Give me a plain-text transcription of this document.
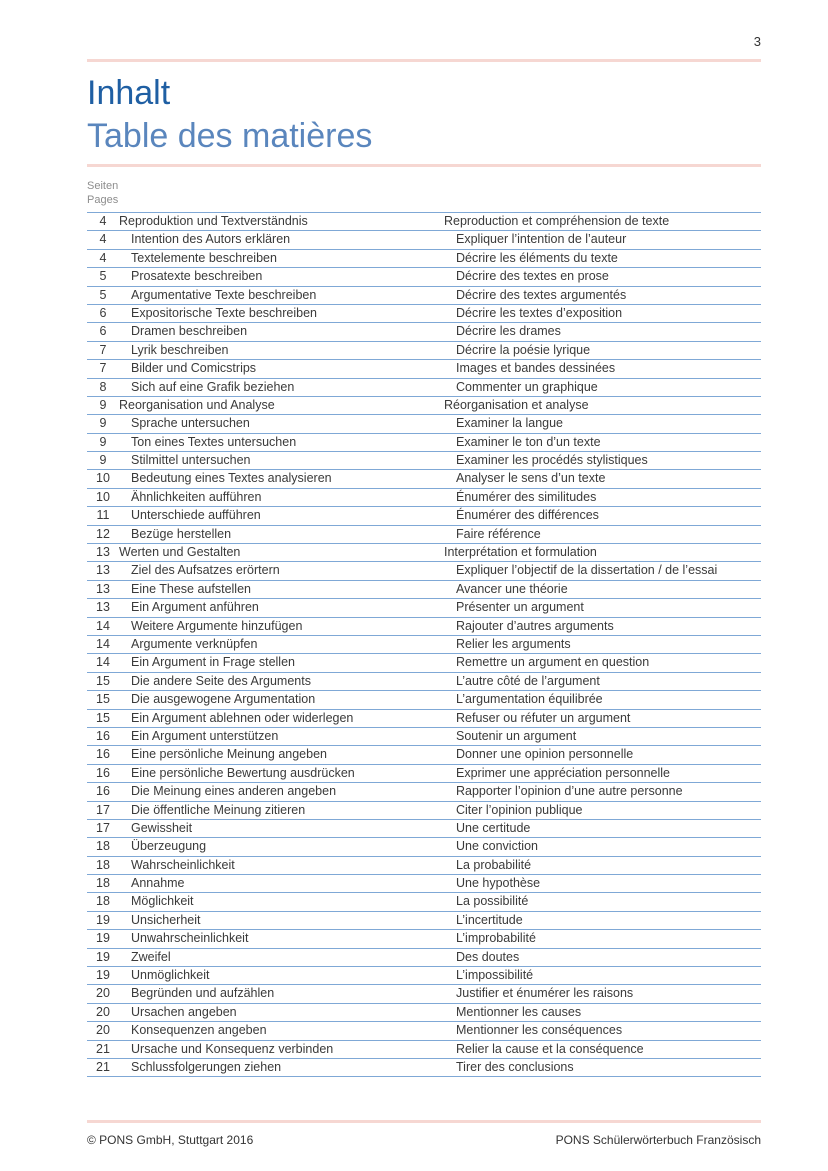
3
Inhalt
Table des matières
Seiten
Pages
4	Reproduktion und Textverständnis	Reproduction et compréhension de texte
4	Intention des Autors erklären	Expliquer l’intention de l’auteur
4	Textelemente beschreiben	Décrire les éléments du texte
5	Prosatexte beschreiben	Décrire des textes en prose
5	Argumentative Texte beschreiben	Décrire des textes argumentés
6	Expositorische Texte beschreiben	Décrire les textes d’exposition
6	Dramen beschreiben	Décrire les drames
7	Lyrik beschreiben	Décrire la poésie lyrique
7	Bilder und Comicstrips	Images et bandes dessinées
8	Sich auf eine Grafik beziehen	Commenter un graphique
9	Reorganisation und Analyse	Réorganisation et analyse
9	Sprache untersuchen	Examiner la langue
9	Ton eines Textes untersuchen	Examiner le ton d’un texte
9	Stilmittel untersuchen	Examiner les procédés stylistiques
10	Bedeutung eines Textes analysieren	Analyser le sens d’un texte
10	Ähnlichkeiten aufführen	Énumérer des similitudes
11	Unterschiede aufführen	Énumérer des différences
12	Bezüge herstellen	Faire référence
13 Werten und Gestalten	Interprétation et formulation
13	Ziel des Aufsatzes erörtern	Expliquer l’objectif de la dissertation / de l’essai
13	Eine These aufstellen	Avancer une théorie
13	Ein Argument anführen	Présenter un argument
14	Weitere Argumente hinzufügen	Rajouter d’autres arguments
14	Argumente verknüpfen	Relier les arguments
14	Ein Argument in Frage stellen	Remettre un argument en question
15	Die andere Seite des Arguments	L’autre côté de l’argument
15	Die ausgewogene Argumentation	L’argumentation équilibrée
15	Ein Argument ablehnen oder widerlegen	Refuser ou réfuter un argument
16	Ein Argument unterstützen	Soutenir un argument
16	Eine persönliche Meinung angeben	Donner une opinion personnelle
16	Eine persönliche Bewertung ausdrücken	Exprimer une appréciation personnelle
16	Die Meinung eines anderen angeben	Rapporter l’opinion d’une autre personne
17	Die öffentliche Meinung zitieren	Citer l’opinion publique
17	Gewissheit	Une certitude
18	Überzeugung	Une conviction
18	Wahrscheinlichkeit	La probabilité
18	Annahme	Une hypothèse
18	Möglichkeit	La possibilité
19	Unsicherheit	L’incertitude
19	Unwahrscheinlichkeit	L’improbabilité
19	Zweifel	Des doutes
19	Unmöglichkeit	L’impossibilité
20	Begründen und aufzählen	Justifier et énumérer les raisons
20	Ursachen angeben	Mentionner les causes
20	Konsequenzen angeben	Mentionner les conséquences
21	Ursache und Konsequenz verbinden	Relier la cause et la conséquence
21	Schlussfolgerungen ziehen	Tirer des conclusions
© PONS GmbH, Stuttgart 2016	PONS Schülerwörterbuch Französisch
